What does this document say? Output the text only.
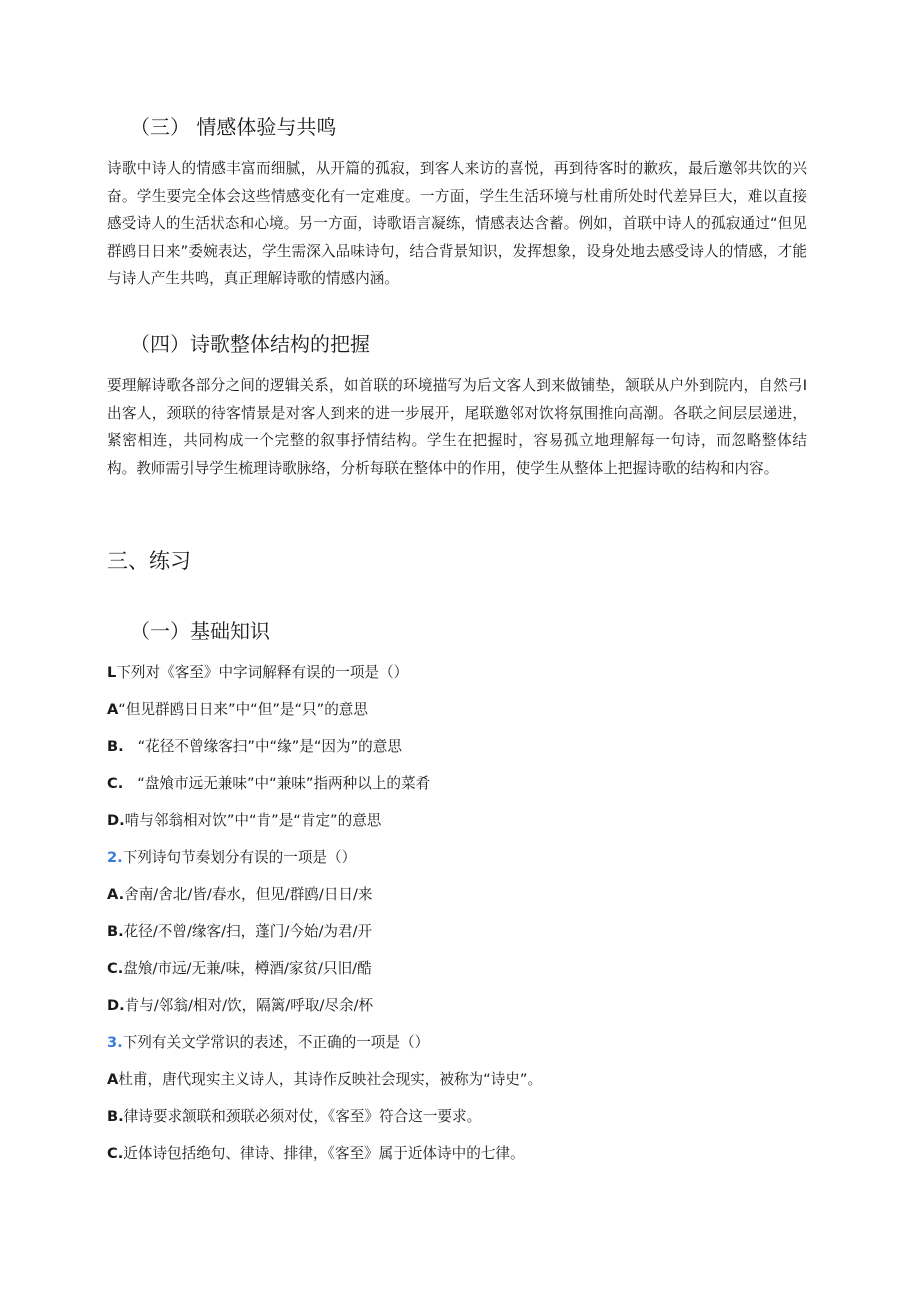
（三） 情感体验与共鸣
诗歌中诗人的情感丰富而细腻，从开篇的孤寂，到客人来访的喜悦，再到待客时的歉疚，最后邀邻共饮的兴奋。学生要完全体会这些情感变化有一定难度。一方面，学生生活环境与杜甫所处时代差异巨大，难以直接感受诗人的生活状态和心境。另一方面，诗歌语言凝练，情感表达含蓄。例如，首联中诗人的孤寂通过“但见群鸥日日来”委婉表达，学生需深入品味诗句，结合背景知识，发挥想象，设身处地去感受诗人的情感，才能与诗人产生共鸣，真正理解诗歌的情感内涵。
（四）诗歌整体结构的把握
要理解诗歌各部分之间的逻辑关系，如首联的环境描写为后文客人到来做铺垫，颔联从户外到院内，自然弓I出客人，颈联的待客情景是对客人到来的进一步展开，尾联邀邻对饮将氛围推向高潮。各联之间层层递进，紧密相连，共同构成一个完整的叙事抒情结构。学生在把握时，容易孤立地理解每一句诗，而忽略整体结构。教师需引导学生梳理诗歌脉络，分析每联在整体中的作用，使学生从整体上把握诗歌的结构和内容。
三、练习
（一）基础知识
L下列对《客至》中字词解释有误的一项是（）
A“但见群鸥日日来”中“但”是“只”的意思
B. “花径不曾缘客扫”中“缘”是“因为”的意思
C. “盘飧市远无兼味”中“兼味”指两种以上的菜肴
D.啃与邻翁相对饮”中“肯”是“肯定”的意思
2.下列诗句节奏划分有误的一项是（）
A.舍南/舍北/皆/春水，但见/群鸥/日日/来
B.花径/不曾/缘客/扫，蓬门/今始/为君/开
C.盘飧/市远/无兼/味，樽酒/家贫/只旧/酷
D.肯与/邻翁/相对/饮，隔篱/呼取/尽余/杯
3.下列有关文学常识的表述，不正确的一项是（）
A杜甫，唐代现实主义诗人，其诗作反映社会现实，被称为“诗史”。
B.律诗要求颔联和颈联必须对仗，《客至》符合这一要求。
C.近体诗包括绝句、律诗、排律，《客至》属于近体诗中的七律。
